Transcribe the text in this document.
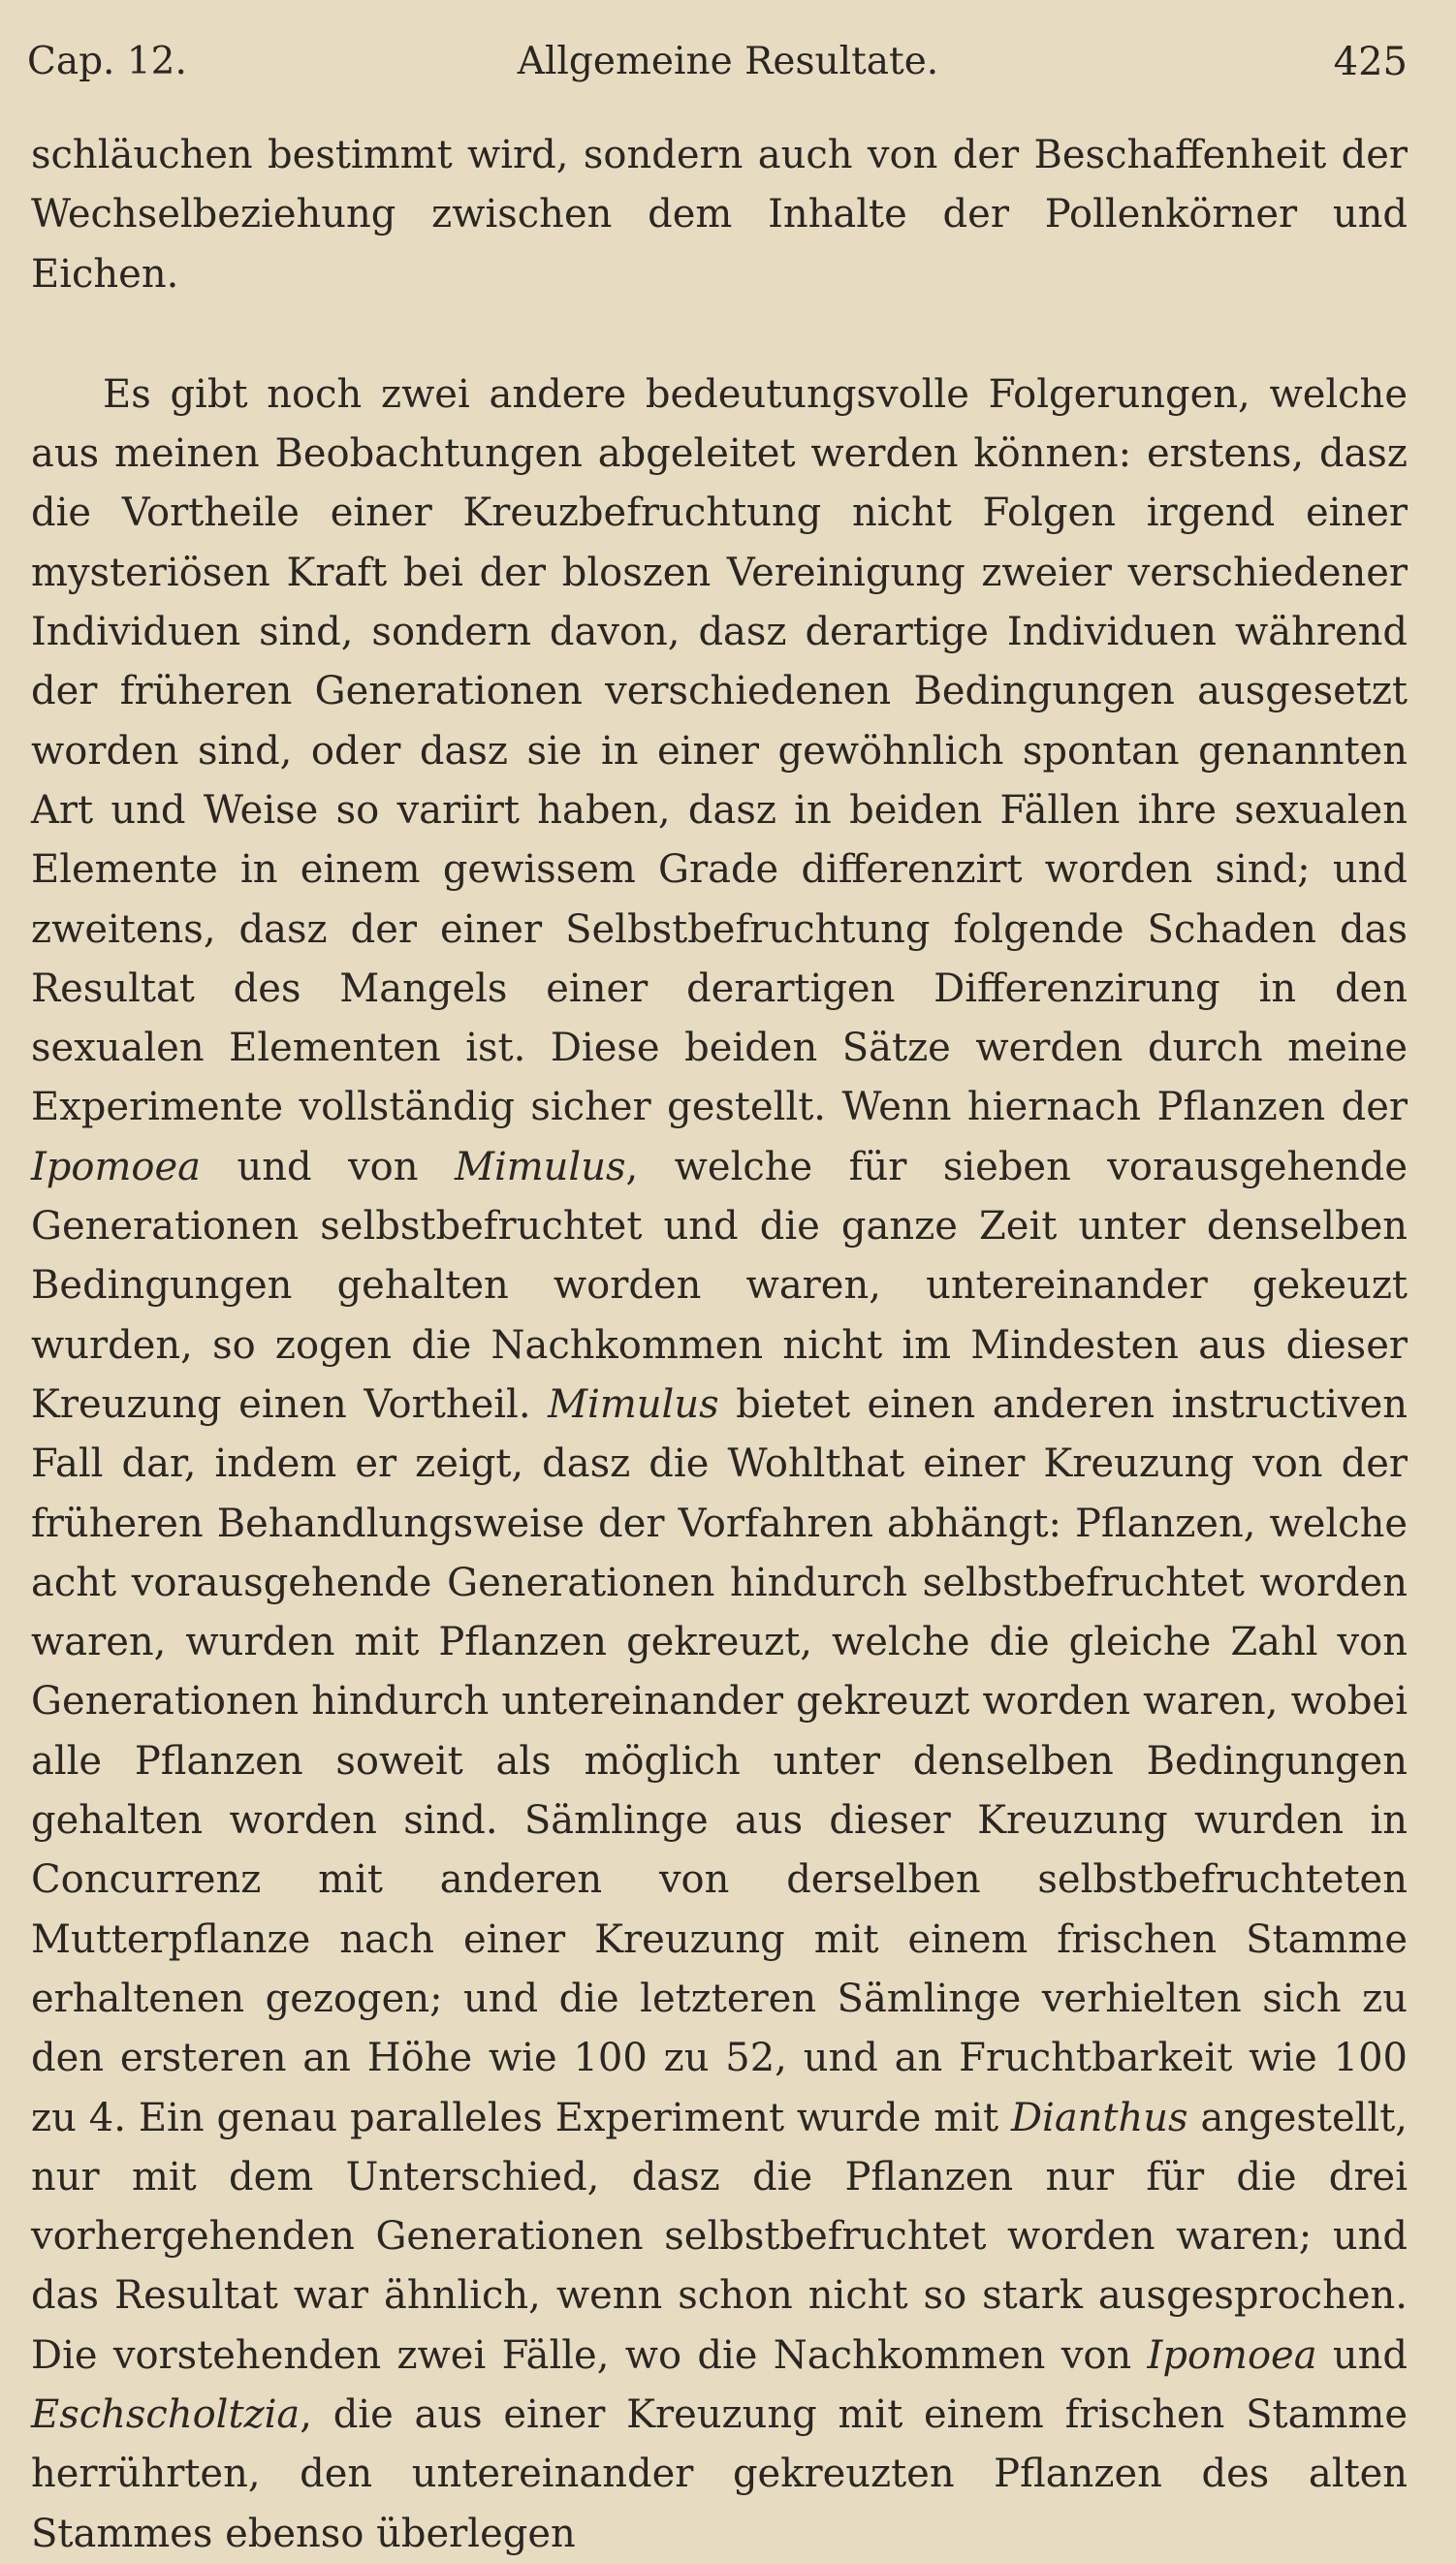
Cap. 12.	Allgemeine Resultate.	425

schläuchen bestimmt wird, sondern auch von der Beschaffenheit der Wechselbeziehung zwischen dem Inhalte der Pollenkörner und Eichen.

Es gibt noch zwei andere bedeutungsvolle Folgerungen, welche aus meinen Beobachtungen abgeleitet werden können: erstens, dasz die Vortheile einer Kreuzbefruchtung nicht Folgen irgend einer mysteriösen Kraft bei der bloszen Vereinigung zweier verschiedener Individuen sind, sondern davon, dasz derartige Individuen während der früheren Generationen verschiedenen Bedingungen ausgesetzt worden sind, oder dasz sie in einer gewöhnlich spontan genannten Art und Weise so variirt haben, dasz in beiden Fällen ihre sexualen Elemente in einem gewissem Grade differenzirt worden sind; und zweitens, dasz der einer Selbstbefruchtung folgende Schaden das Resultat des Mangels einer derartigen Differenzirung in den sexualen Elementen ist. Diese beiden Sätze werden durch meine Experimente vollständig sicher gestellt. Wenn hiernach Pflanzen der Ipomoea und von Mimulus, welche für sieben vorausgehende Generationen selbstbefruchtet und die ganze Zeit unter denselben Bedingungen gehalten worden waren, untereinander gekeuzt wurden, so zogen die Nachkommen nicht im Mindesten aus dieser Kreuzung einen Vortheil. Mimulus bietet einen anderen instructiven Fall dar, indem er zeigt, dasz die Wohlthat einer Kreuzung von der früheren Behandlungsweise der Vorfahren abhängt: Pflanzen, welche acht vorausgehende Generationen hindurch selbstbefruchtet worden waren, wurden mit Pflanzen gekreuzt, welche die gleiche Zahl von Generationen hindurch untereinander gekreuzt worden waren, wobei alle Pflanzen soweit als möglich unter denselben Bedingungen gehalten worden sind. Sämlinge aus dieser Kreuzung wurden in Concurrenz mit anderen von derselben selbstbefruchteten Mutterpflanze nach einer Kreuzung mit einem frischen Stamme erhaltenen gezogen; und die letzteren Sämlinge verhielten sich zu den ersteren an Höhe wie 100 zu 52, und an Fruchtbarkeit wie 100 zu 4. Ein genau paralleles Experiment wurde mit Dianthus angestellt, nur mit dem Unterschied, dasz die Pflanzen nur für die drei vorhergehenden Generationen selbstbefruchtet worden waren; und das Resultat war ähnlich, wenn schon nicht so stark ausgesprochen. Die vorstehenden zwei Fälle, wo die Nachkommen von Ipomoea und Eschscholtzia, die aus einer Kreuzung mit einem frischen Stamme herrührten, den untereinander gekreuzten Pflanzen des alten Stammes ebenso überlegen
